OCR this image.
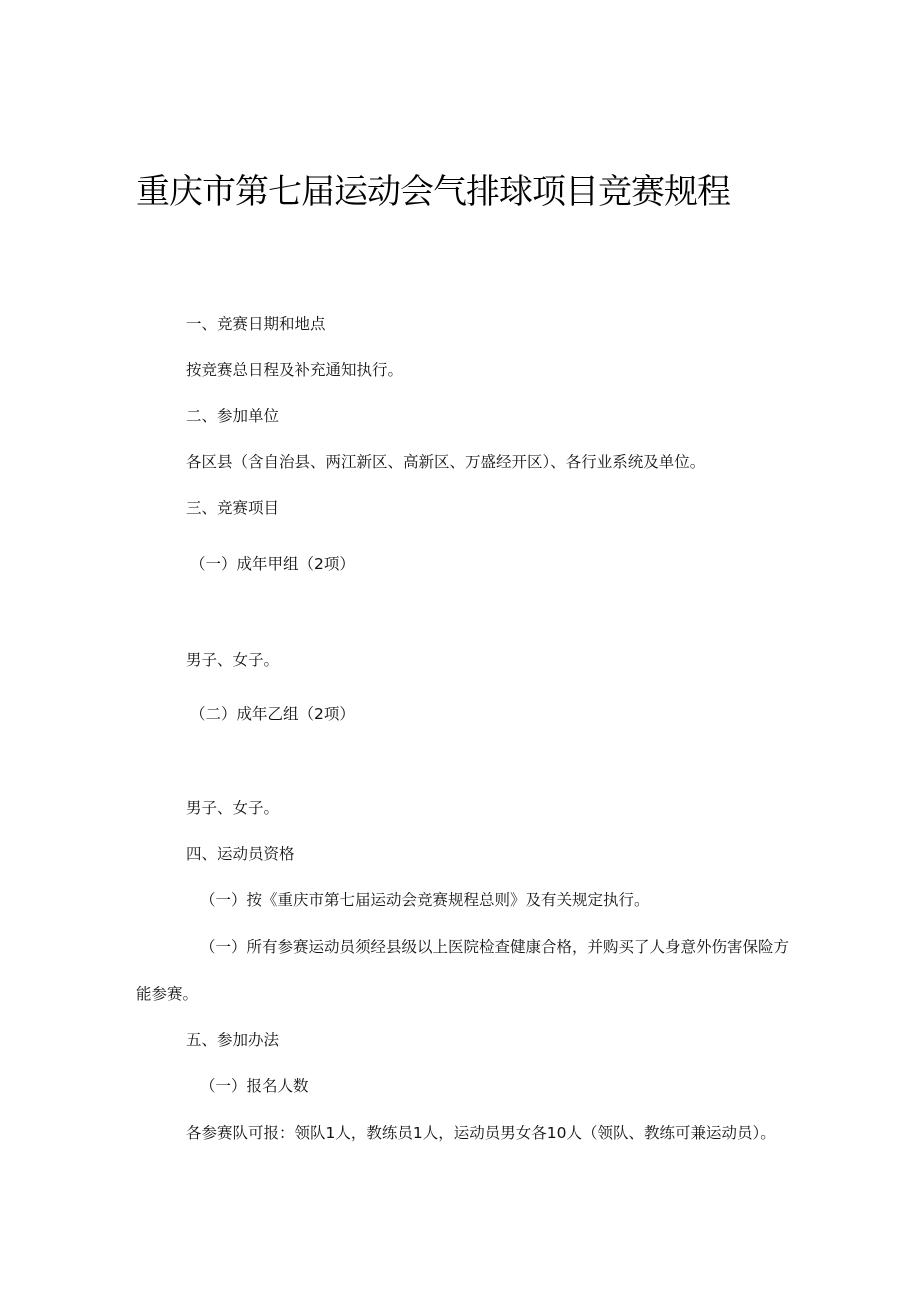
重庆市第七届运动会气排球项目竞赛规程
一、竞赛日期和地点
按竞赛总日程及补充通知执行。
二、参加单位
各区县（含自治县、两江新区、高新区、万盛经开区）、各行业系统及单位。
三、竞赛项目
（一）成年甲组（2项）
男子、女子。
（二）成年乙组（2项）
男子、女子。
四、运动员资格
（一）按《重庆市第七届运动会竞赛规程总则》及有关规定执行。
（一）所有参赛运动员须经县级以上医院检查健康合格，并购买了人身意外伤害保险方
能参赛。
五、参加办法
（一）报名人数
各参赛队可报：领队1人，教练员1人，运动员男女各10人（领队、教练可兼运动员）。
